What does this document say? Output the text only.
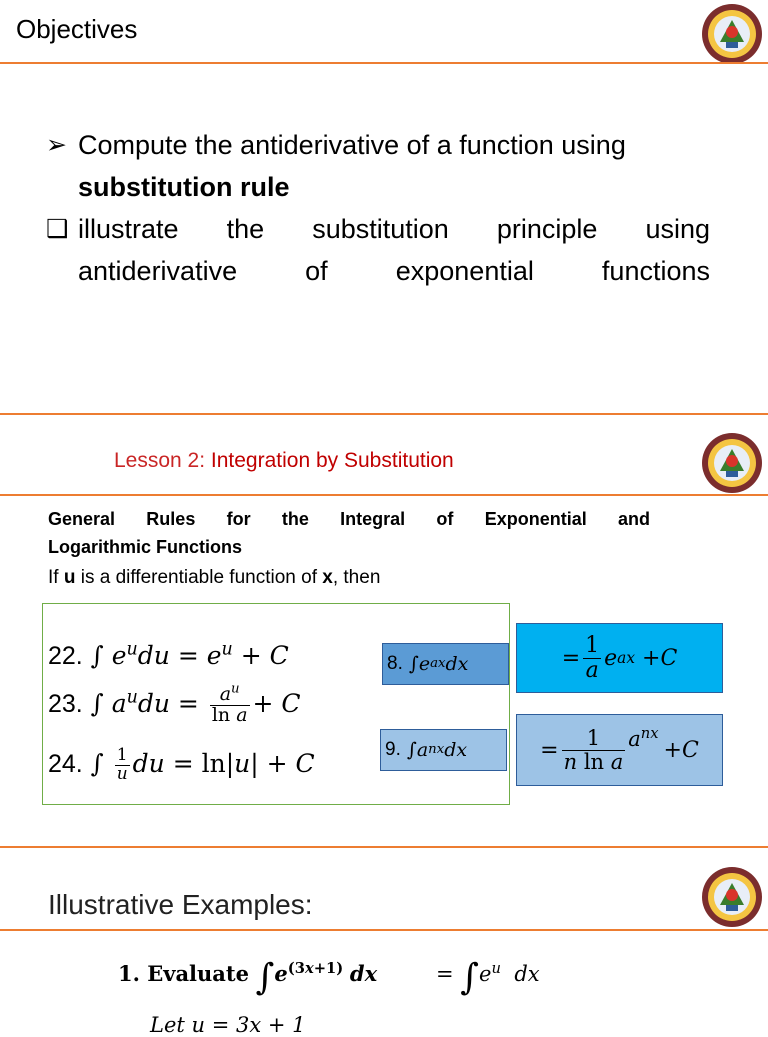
Objectives
➢ Compute the antiderivative of a function using substitution rule
❑ illustrate the substitution principle using antiderivative of exponential functions
Lesson 2: Integration by Substitution
General Rules for the Integral of Exponential and
Logarithmic Functions
If u is a differentiable function of x, then
22. ∫ $e^udu = e^u + C$
23. ∫ $a^udu = \frac{a^u}{\text{ln a}} + C$
24. ∫ $\frac{1}{u}$ du = ln|u| + C
8. ∫ e ax dx	= $\frac{1}{a}$ e ax + C
9. ∫ a nx dx	= $\frac{1}{\text{n ln a}} a^{nx}$

+ C
Illustrative Examples:
1. Evaluate $\int e^{(3x+1)}$ dx	= $\int e^u$ dx
Let u = 3x + 1
